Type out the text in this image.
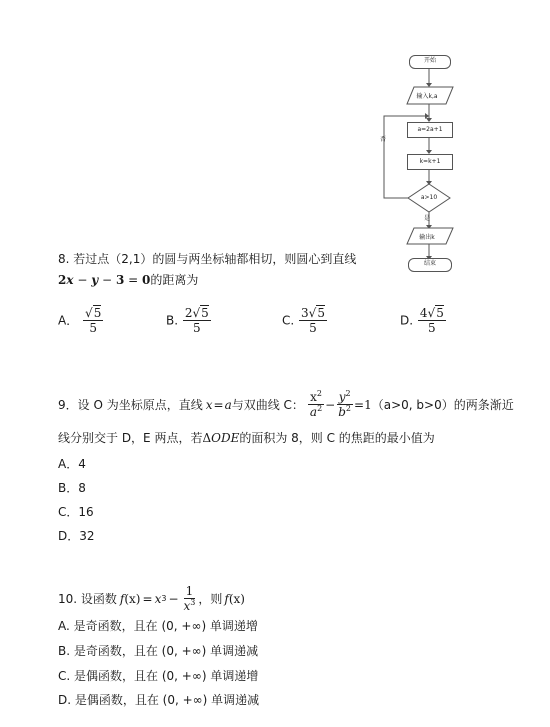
开始
输入k,a
a=2a+1
k=k+1
a>10
否
是
输出k
结束
8. 若过点（2,1）的圆与两坐标轴都相切，则圆心到直线
2x − y − 3 = 0的距离为
A． $\frac{√5}{5}$	B. $\frac{2√5}{5}$	C. $\frac{3√5}{5}$	D. $\frac{4√5}{5}$
9．设 O 为坐标原点，直线 x = a 与双曲线 C： $\frac{x^2}{a^2} - \frac{y^2}{b^2} = 1$ （a>0, b>0）的两条渐近
线分别交于 D，E 两点，若ΔODE的面积为 8，则 C 的焦距的最小值为
A．4
B．8
C．16
D．32
10. 设函数 f (x) = x $3 - \frac{1}{x^3}$ ，则 f (x)
A. 是奇函数，且在 (0, +∞) 单调递增
B. 是奇函数，且在 (0, +∞) 单调递减
C. 是偶函数，且在 (0, +∞) 单调递增
D. 是偶函数，且在 (0, +∞) 单调递减
